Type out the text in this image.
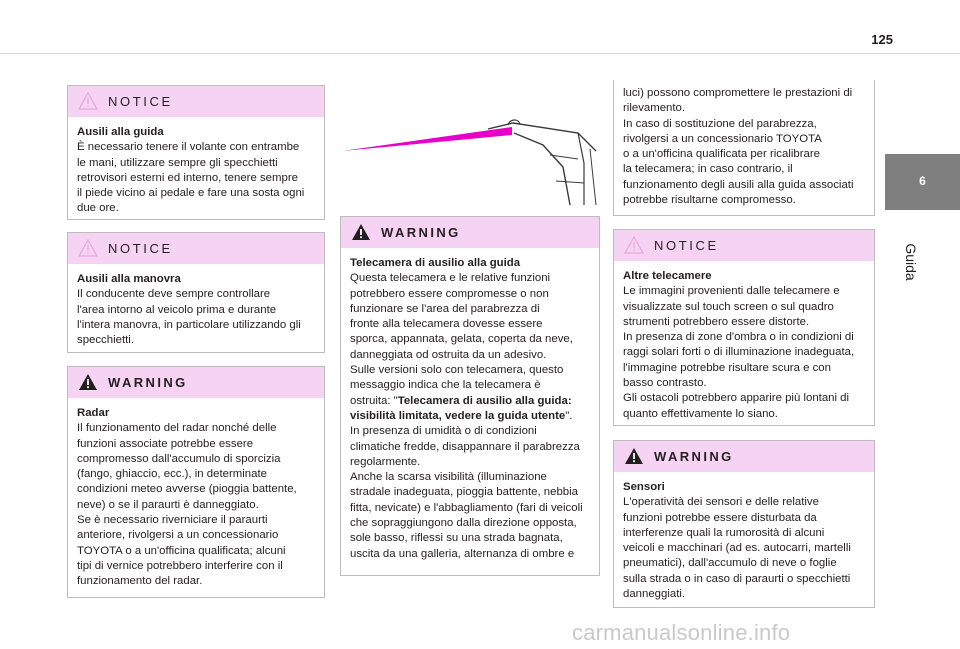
125
6
Guida
NOTICE
Ausili alla guida

È necessario tenere il volante con entrambe
le mani, utilizzare sempre gli specchietti
retrovisori esterni ed interno, tenere sempre
il piede vicino ai pedale e fare una sosta ogni
due ore.

NOTICE
Ausili alla manovra

Il conducente deve sempre controllare
l'area intorno al veicolo prima e durante
l'intera manovra, in particolare utilizzando gli
specchietti.

WARNING
Radar

Il funzionamento del radar nonché delle
funzioni associate potrebbe essere
compromesso dall'accumulo di sporcizia
(fango, ghiaccio, ecc.), in determinate
condizioni meteo avverse (pioggia battente,
neve) o se il paraurti è danneggiato.
Se è necessario riverniciare il paraurti
anteriore, rivolgersi a un concessionario
TOYOTA o a un'officina qualificata; alcuni
tipi di vernice potrebbero interferire con il
funzionamento del radar.

WARNING
Telecamera di ausilio alla guida

Questa telecamera e le relative funzioni
potrebbero essere compromesse o non
funzionare se l'area del parabrezza di
fronte alla telecamera dovesse essere
sporca, appannata, gelata, coperta da neve,
danneggiata od ostruita da un adesivo.
Sulle versioni solo con telecamera, questo
messaggio indica che la telecamera è
ostruita: "Telecamera di ausilio alla guida:
visibilità limitata, vedere la guida utente".
In presenza di umidità o di condizioni
climatiche fredde, disappannare il parabrezza
regolarmente.
Anche la scarsa visibilità (illuminazione
stradale inadeguata, pioggia battente, nebbia
fitta, nevicate) e l'abbagliamento (fari di veicoli
che sopraggiungono dalla direzione opposta,
sole basso, riflessi su una strada bagnata,
uscita da una galleria, alternanza di ombre e

luci) possono compromettere le prestazioni di
rilevamento.
In caso di sostituzione del parabrezza,
rivolgersi a un concessionario TOYOTA
o a un'officina qualificata per ricalibrare
la telecamera; in caso contrario, il
funzionamento degli ausili alla guida associati
potrebbe risultarne compromesso.
NOTICE
Altre telecamere

Le immagini provenienti dalle telecamere e
visualizzate sul touch screen o sul quadro
strumenti potrebbero essere distorte.
In presenza di zone d'ombra o in condizioni di
raggi solari forti o di illuminazione inadeguata,
l'immagine potrebbe risultare scura e con
basso contrasto.
Gli ostacoli potrebbero apparire più lontani di
quanto effettivamente lo siano.

WARNING
Sensori

L'operatività dei sensori e delle relative
funzioni potrebbe essere disturbata da
interferenze quali la rumorosità di alcuni
veicoli e macchinari (ad es. autocarri, martelli
pneumatici), dall'accumulo di neve o foglie
sulla strada o in caso di paraurti o specchietti
danneggiati.

carmanualsonline.info
